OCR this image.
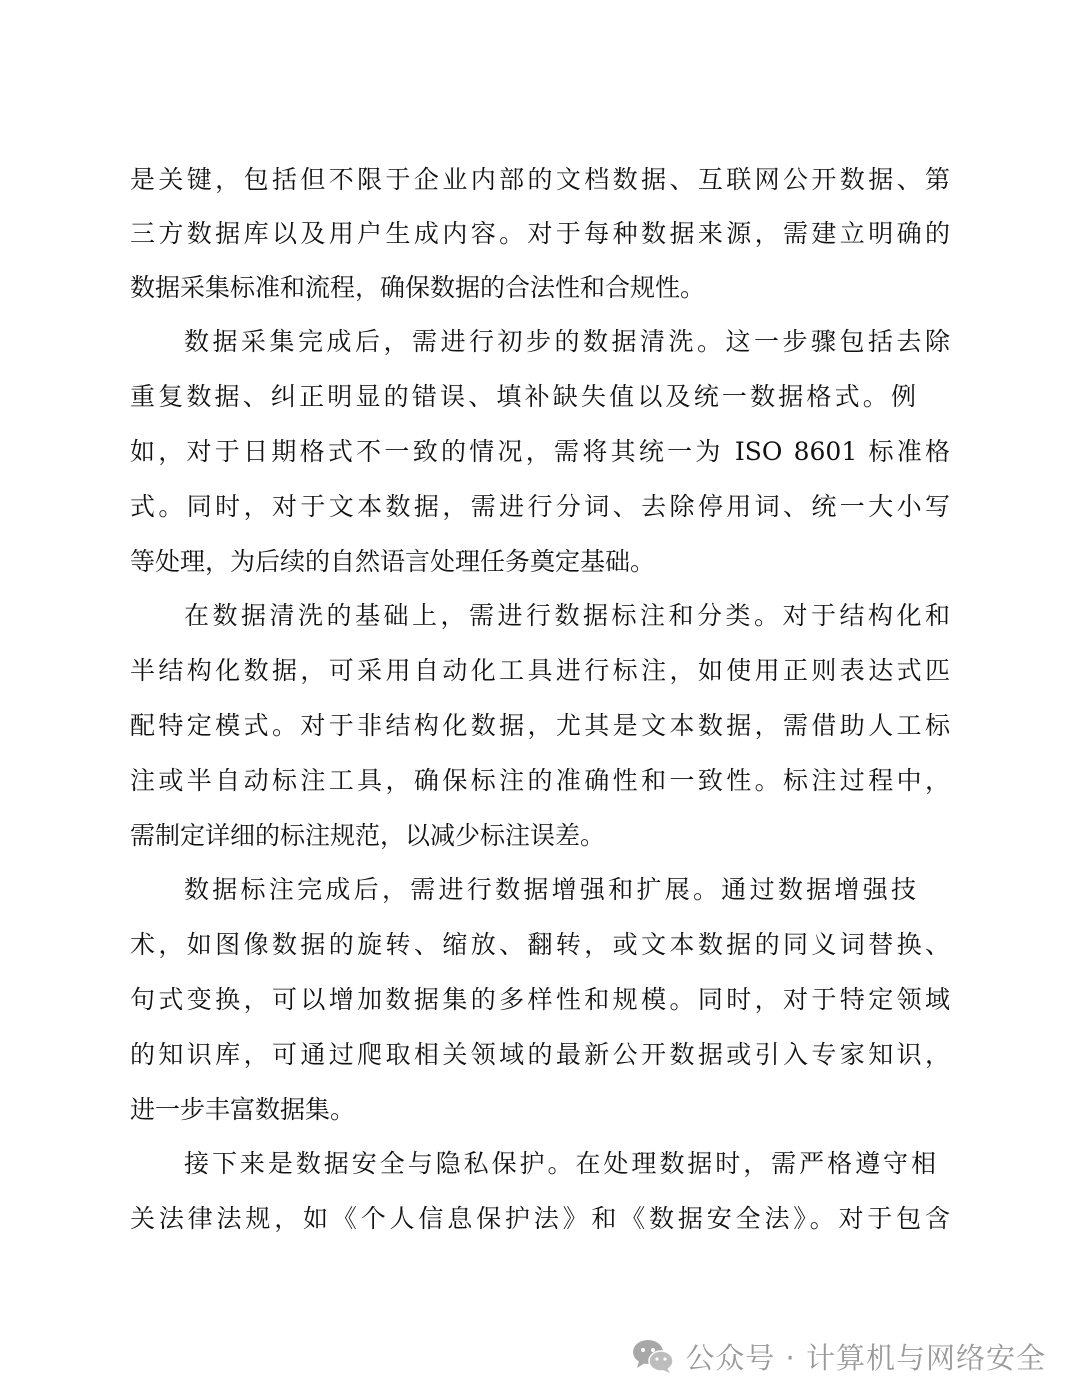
是关键，包括但不限于企业内部的文档数据、互联网公开数据、第

三方数据库以及用户生成内容。对于每种数据来源，需建立明确的

数据采集标准和流程，确保数据的合法性和合规性。

数据采集完成后，需进行初步的数据清洗。这一步骤包括去除

重复数据、纠正明显的错误、填补缺失值以及统一数据格式。例

如，对于日期格式不一致的情况，需将其统一为 ISO 8601 标准格

式。同时，对于文本数据，需进行分词、去除停用词、统一大小写

等处理，为后续的自然语言处理任务奠定基础。

在数据清洗的基础上，需进行数据标注和分类。对于结构化和

半结构化数据，可采用自动化工具进行标注，如使用正则表达式匹

配特定模式。对于非结构化数据，尤其是文本数据，需借助人工标

注或半自动标注工具，确保标注的准确性和一致性。标注过程中，

需制定详细的标注规范，以减少标注误差。

数据标注完成后，需进行数据增强和扩展。通过数据增强技

术，如图像数据的旋转、缩放、翻转，或文本数据的同义词替换、

句式变换，可以增加数据集的多样性和规模。同时，对于特定领域

的知识库，可通过爬取相关领域的最新公开数据或引入专家知识，

进一步丰富数据集。

接下来是数据安全与隐私保护。在处理数据时，需严格遵守相

关法律法规，如《个人信息保护法》和《数据安全法》。对于包含

公众号 · 计算机与网络安全
